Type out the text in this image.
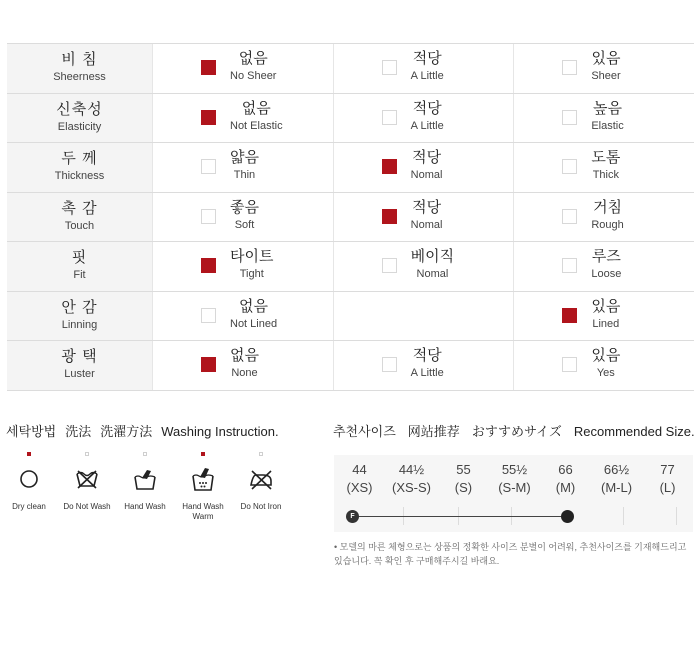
비 침
Sheerness
없음
No Sheer
적당
A Little
있음
Sheer
신축성
Elasticity
없음
Not Elastic
적당
A Little
높음
Elastic
두 께
Thickness
얇음
Thin
적당
Nomal
도톰
Thick
촉 감
Touch
좋음
Soft
적당
Nomal
거침
Rough
핏
Fit
타이트
Tight
베이직
Nomal
루즈
Loose
안 감
Linning
없음
Not Lined
있음
Lined
광 택
Luster
없음
None
적당
A Little
있음
Yes
세탁방법 洗法 洗濯方法 Washing Instruction.
Dry clean Do Not Wash Hand Wash	Hand Wash Warm
Do Not Iron
추천사이즈 网站推荐 おすすめサイズ Recommended Size.
44
(XS)
44½
(XS-S)
55
(S)
55½
(S-M)
66
(M)
66½
(M-L)
77
(L)
F
• 모델의 마른 체형으로는 상품의 정확한 사이즈 분별이 어려워, 추천사이즈를 기재해드리고 있습니다. 꼭 확인 후 구매해주시길 바래요.
